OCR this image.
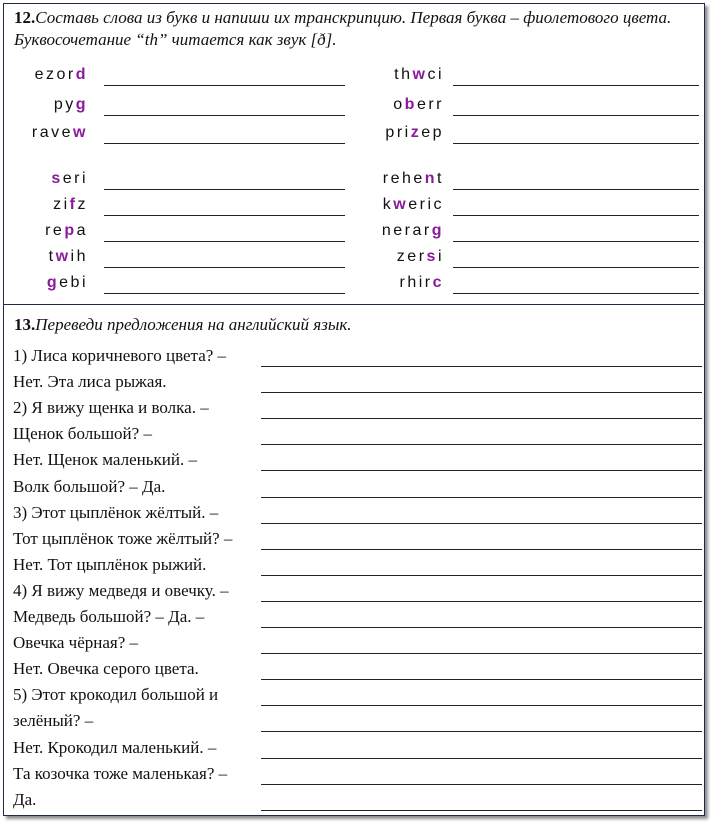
12.Составь слова из букв и напиши их транскрипцию. Первая буква – фиолетового цвета. Буквосочетание “th” читается как звук [ð].
ezord
pyg
ravew
seri
zifz
repa
twih
gebi
thwci
oberr
prizep
rehent
kweric
nerarg
zersi
rhirc
13.Переведи предложения на английский язык.
1) Лиса коричневого цвета? –
Нет. Эта лиса рыжая.
2) Я вижу щенка и волка. –
Щенок большой? –
Нет. Щенок маленький. –
Волк большой? – Да.
3) Этот цыплёнок жёлтый. –
Тот цыплёнок тоже жёлтый? –
Нет. Тот цыплёнок рыжий.
4) Я вижу медведя и овечку. –
Медведь большой? – Да. –
Овечка чёрная? –
Нет. Овечка серого цвета.
5) Этот крокодил большой и
зелёный? –
Нет. Крокодил маленький. –
Та козочка тоже маленькая? –
Да.
